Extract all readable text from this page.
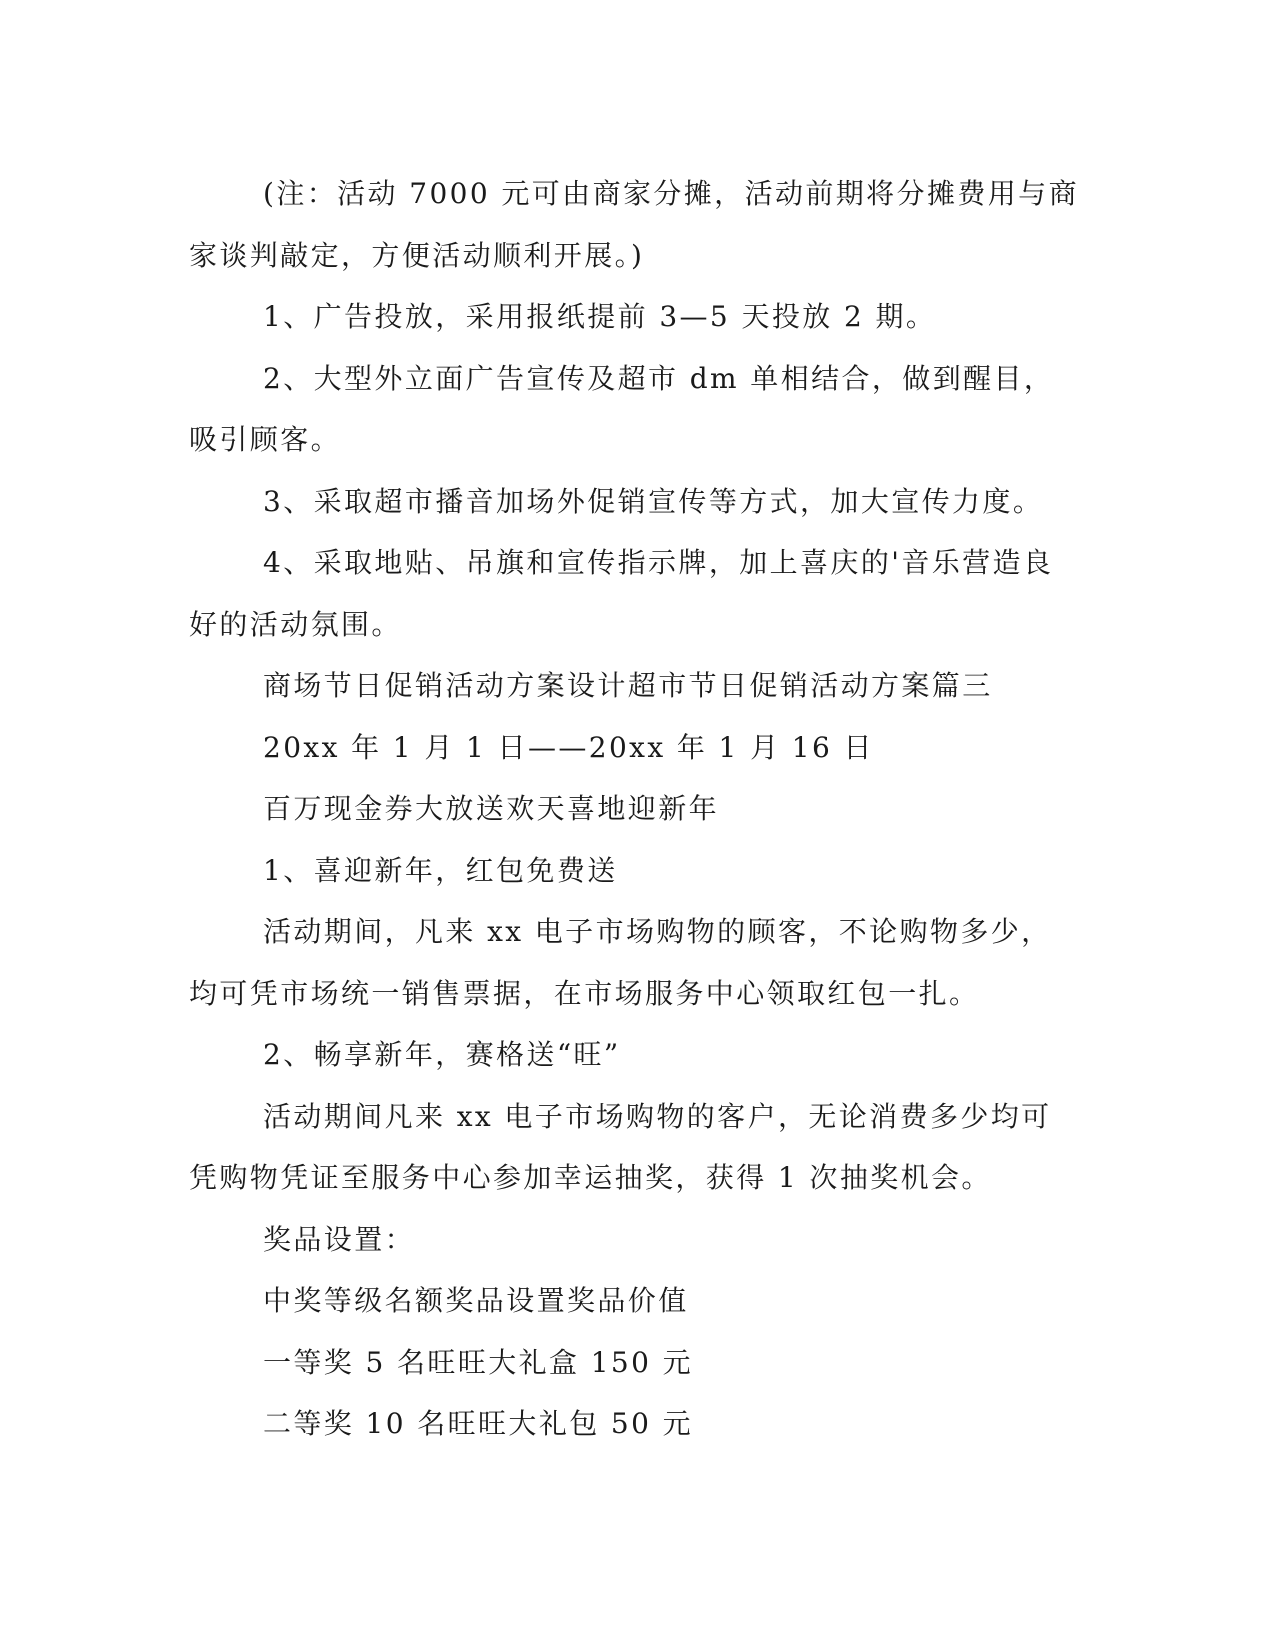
(注：活动 7000 元可由商家分摊，活动前期将分摊费用与商家谈判敲定，方便活动顺利开展。)

1、广告投放，采用报纸提前 3—5 天投放 2 期。

2、大型外立面广告宣传及超市 dm 单相结合，做到醒目，吸引顾客。

3、采取超市播音加场外促销宣传等方式，加大宣传力度。

4、采取地贴、吊旗和宣传指示牌，加上喜庆的'音乐营造良好的活动氛围。

商场节日促销活动方案设计超市节日促销活动方案篇三

20xx 年 1 月 1 日——20xx 年 1 月 16 日

百万现金券大放送欢天喜地迎新年

1、喜迎新年，红包免费送

活动期间，凡来 xx 电子市场购物的顾客，不论购物多少，均可凭市场统一销售票据，在市场服务中心领取红包一扎。

2、畅享新年，赛格送“旺”

活动期间凡来 xx 电子市场购物的客户，无论消费多少均可凭购物凭证至服务中心参加幸运抽奖，获得 1 次抽奖机会。

奖品设置：

中奖等级名额奖品设置奖品价值

一等奖 5 名旺旺大礼盒 150 元

二等奖 10 名旺旺大礼包 50 元
